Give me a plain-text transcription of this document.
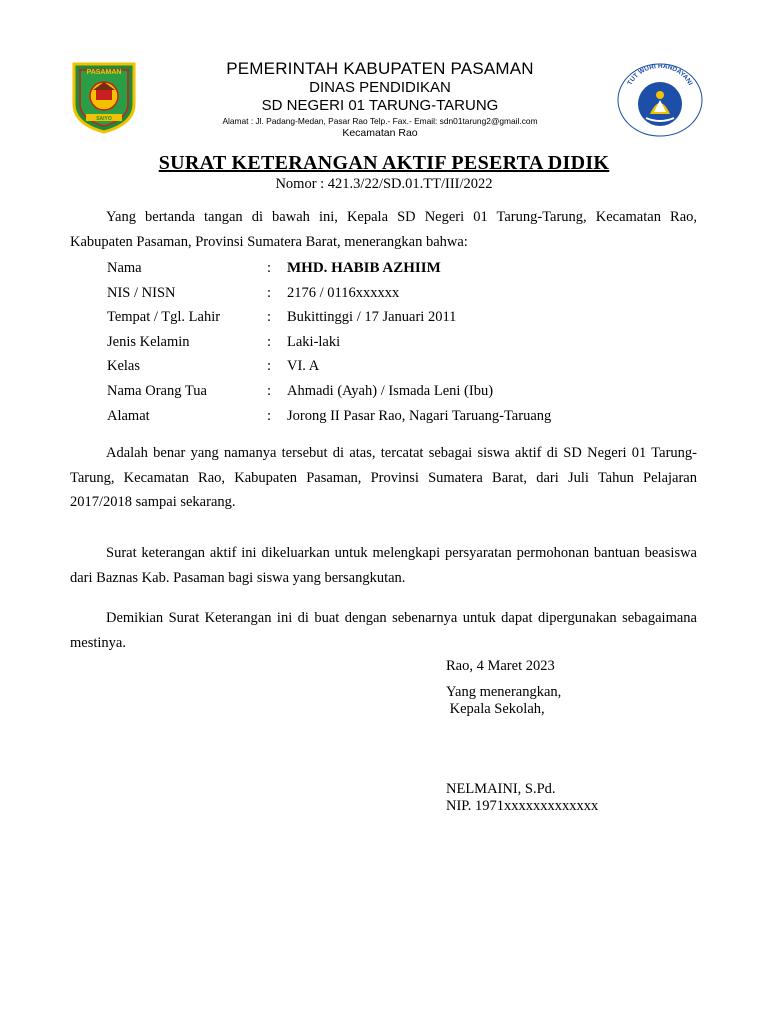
PASAMAN
SAIYO
PEMERINTAH KABUPATEN PASAMAN
DINAS PENDIDIKAN
SD NEGERI 01 TARUNG-TARUNG
Alamat : Jl. Padang-Medan, Pasar Rao Telp.- Fax.- Email: sdn01tarung2@gmail.com
Kecamatan Rao
TUT WURI HANDAYANI
SURAT KETERANGAN AKTIF PESERTA DIDIK
Nomor : 421.3/22/SD.01.TT/III/2022
Yang bertanda tangan di bawah ini, Kepala SD Negeri 01 Tarung-Tarung, Kecamatan Rao, Kabupaten Pasaman, Provinsi Sumatera Barat, menerangkan bahwa:
Nama	: MHD. HABIB AZHIIM
NIS / NISN	: 2176 / 0116xxxxxx
Tempat / Tgl. Lahir	: Bukittinggi / 17 Januari 2011
Jenis Kelamin	: Laki-laki
Kelas	: VI. A
Nama Orang Tua	: Ahmadi (Ayah) / Ismada Leni (Ibu)
Alamat	: Jorong II Pasar Rao, Nagari Taruang-Taruang
Adalah benar yang namanya tersebut di atas, tercatat sebagai siswa aktif di SD Negeri 01 Tarung-Tarung, Kecamatan Rao, Kabupaten Pasaman, Provinsi Sumatera Barat, dari Juli Tahun Pelajaran 2017/2018 sampai sekarang.
Surat keterangan aktif ini dikeluarkan untuk melengkapi persyaratan permohonan bantuan beasiswa dari Baznas Kab. Pasaman bagi siswa yang bersangkutan.
Demikian Surat Keterangan ini di buat dengan sebenarnya untuk dapat dipergunakan sebagaimana mestinya.
Rao, 4 Maret 2023
Yang menerangkan,
Kepala Sekolah,
NELMAINI, S.Pd.
NIP. 1971xxxxxxxxxxxxx
